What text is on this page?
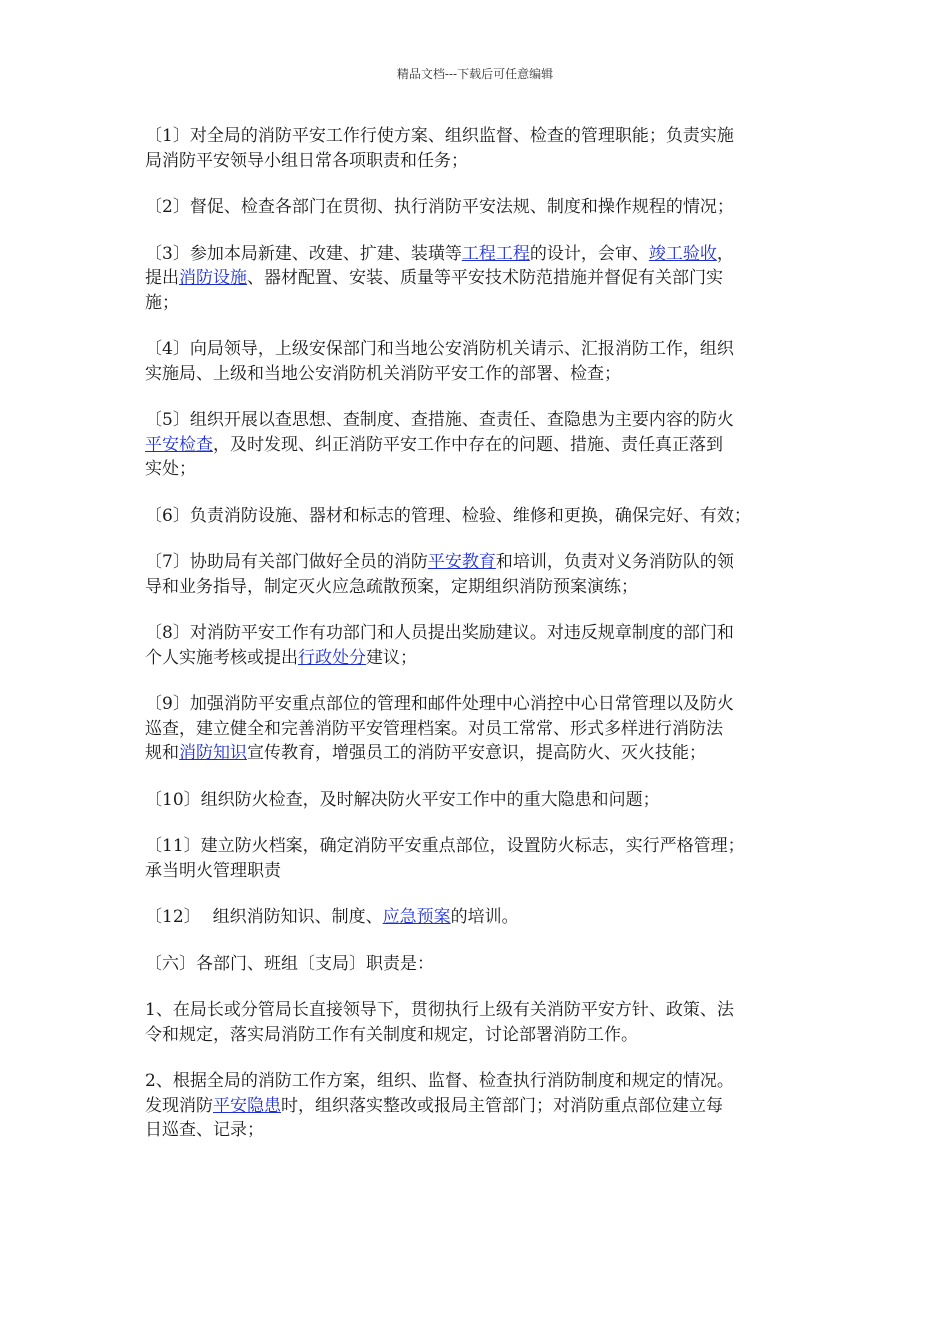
精品文档---下载后可任意编辑
〔1〕对全局的消防平安工作行使方案、组织监督、检查的管理职能；负责实施
局消防平安领导小组日常各项职责和任务；
〔2〕督促、检查各部门在贯彻、执行消防平安法规、制度和操作规程的情况；
〔3〕参加本局新建、改建、扩建、装璜等工程工程的设计，会审、竣工验收，
提出消防设施、器材配置、安装、质量等平安技术防范措施并督促有关部门实
施；
〔4〕向局领导，上级安保部门和当地公安消防机关请示、汇报消防工作，组织
实施局、上级和当地公安消防机关消防平安工作的部署、检查；
〔5〕组织开展以查思想、查制度、查措施、查责任、查隐患为主要内容的防火
平安检查，及时发现、纠正消防平安工作中存在的问题、措施、责任真正落到
实处；
〔6〕负责消防设施、器材和标志的管理、检验、维修和更换，确保完好、有效；
〔7〕协助局有关部门做好全员的消防平安教育和培训，负责对义务消防队的领
导和业务指导，制定灭火应急疏散预案，定期组织消防预案演练；
〔8〕对消防平安工作有功部门和人员提出奖励建议。对违反规章制度的部门和
个人实施考核或提出行政处分建议；
〔9〕加强消防平安重点部位的管理和邮件处理中心消控中心日常管理以及防火
巡查，建立健全和完善消防平安管理档案。对员工常常、形式多样进行消防法
规和消防知识宣传教育，增强员工的消防平安意识，提高防火、灭火技能；
〔10〕组织防火检查，及时解决防火平安工作中的重大隐患和问题；
〔11〕建立防火档案，确定消防平安重点部位，设置防火标志，实行严格管理；
承当明火管理职责
〔12〕 组织消防知识、制度、应急预案的培训。
〔六〕各部门、班组〔支局〕职责是：
1、在局长或分管局长直接领导下，贯彻执行上级有关消防平安方针、政策、法
令和规定，落实局消防工作有关制度和规定，讨论部署消防工作。
2、根据全局的消防工作方案，组织、监督、检查执行消防制度和规定的情况。
发现消防平安隐患时，组织落实整改或报局主管部门；对消防重点部位建立每
日巡查、记录；
